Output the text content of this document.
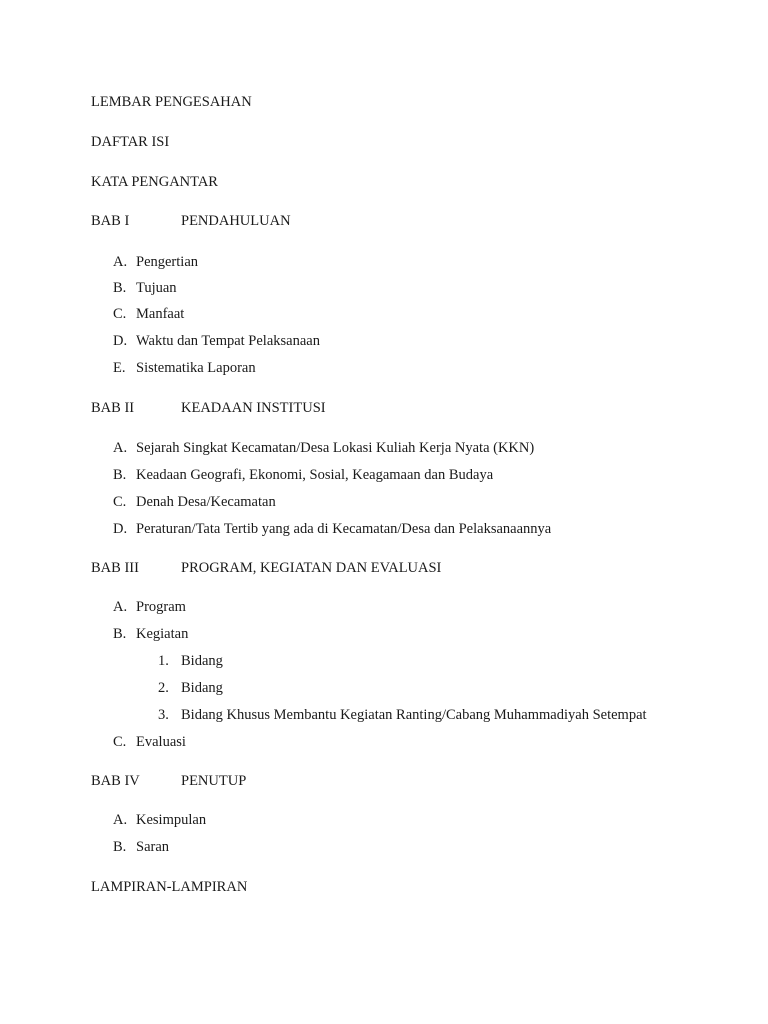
LEMBAR PENGESAHAN
DAFTAR ISI
KATA PENGANTAR
BAB I	PENDAHULUAN
A. Pengertian
B. Tujuan
C. Manfaat
D. Waktu dan Tempat Pelaksanaan
E. Sistematika Laporan
BAB II	KEADAAN INSTITUSI
A. Sejarah Singkat Kecamatan/Desa Lokasi Kuliah Kerja Nyata (KKN)
B. Keadaan Geografi, Ekonomi, Sosial, Keagamaan dan Budaya
C. Denah Desa/Kecamatan
D. Peraturan/Tata Tertib yang ada di Kecamatan/Desa dan Pelaksanaannya
BAB III	PROGRAM, KEGIATAN DAN EVALUASI
A. Program
B. Kegiatan
1. Bidang
2. Bidang
3. Bidang Khusus Membantu Kegiatan Ranting/Cabang Muhammadiyah Setempat
C. Evaluasi
BAB IV	PENUTUP
A. Kesimpulan
B. Saran
LAMPIRAN-LAMPIRAN
